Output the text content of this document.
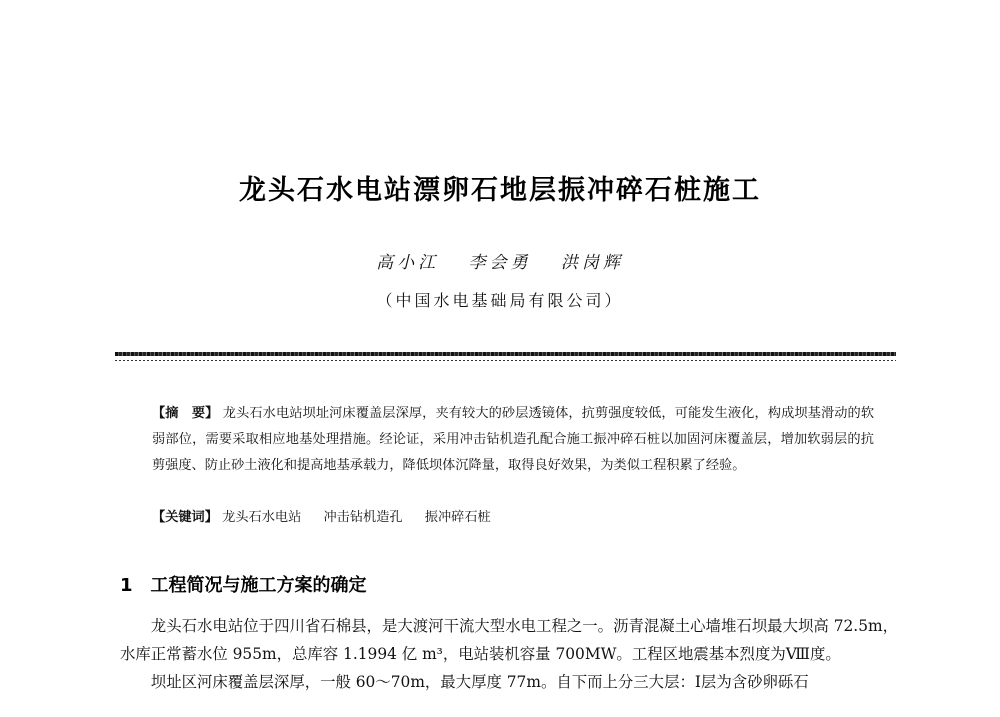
龙头石水电站漂卵石地层振冲碎石桩施工
高小江 李会勇 洪岗辉
（中国水电基础局有限公司）
【摘　要】 龙头石水电站坝址河床覆盖层深厚，夹有较大的砂层透镜体，抗剪强度较低，可能发生液化，构成坝基滑动的软弱部位，需要采取相应地基处理措施。经论证，采用冲击钻机造孔配合施工振冲碎石桩以加固河床覆盖层，增加软弱层的抗剪强度、防止砂土液化和提高地基承载力，降低坝体沉降量，取得良好效果，为类似工程积累了经验。
【关键词】 龙头石水电站 冲击钻机造孔 振冲碎石桩
1 工程简况与施工方案的确定

龙头石水电站位于四川省石棉县，是大渡河干流大型水电工程之一。沥青混凝土心墙堆石坝最大坝高 72.5m，水库正常蓄水位 955m，总库容 1.1994 亿 m³，电站装机容量 700MW。工程区地震基本烈度为Ⅷ度。

坝址区河床覆盖层深厚，一般 60～70m，最大厚度 77m。自下而上分三大层：Ⅰ层为含砂卵砾石
